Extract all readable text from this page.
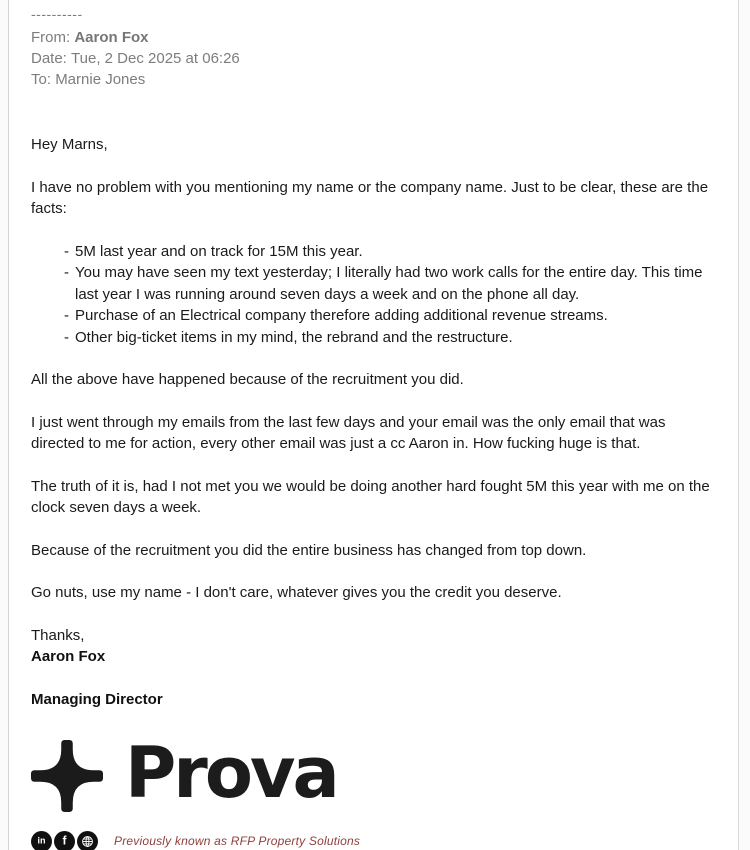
----------
From: Aaron Fox
Date: Tue, 2 Dec 2025 at 06:26
To: Marnie Jones

Hey Marns,

I have no problem with you mentioning my name or the company name. Just to be clear, these are the facts:

- 5M last year and on track for 15M this year.
- You may have seen my text yesterday; I literally had two work calls for the entire day. This time last year I was running around seven days a week and on the phone all day.
- Purchase of an Electrical company therefore adding additional revenue streams.
- Other big-ticket items in my mind, the rebrand and the restructure.

All the above have happened because of the recruitment you did.

I just went through my emails from the last few days and your email was the only email that was directed to me for action, every other email was just a cc Aaron in. How fucking huge is that.

The truth of it is, had I not met you we would be doing another hard fought 5M this year with me on the clock seven days a week.

Because of the recruitment you did the entire business has changed from top down.

Go nuts, use my name - I don't care, whatever gives you the credit you deserve.

Thanks,
Aaron Fox

Managing Director

Prova
in f	Previously known as RFP Property Solutions
